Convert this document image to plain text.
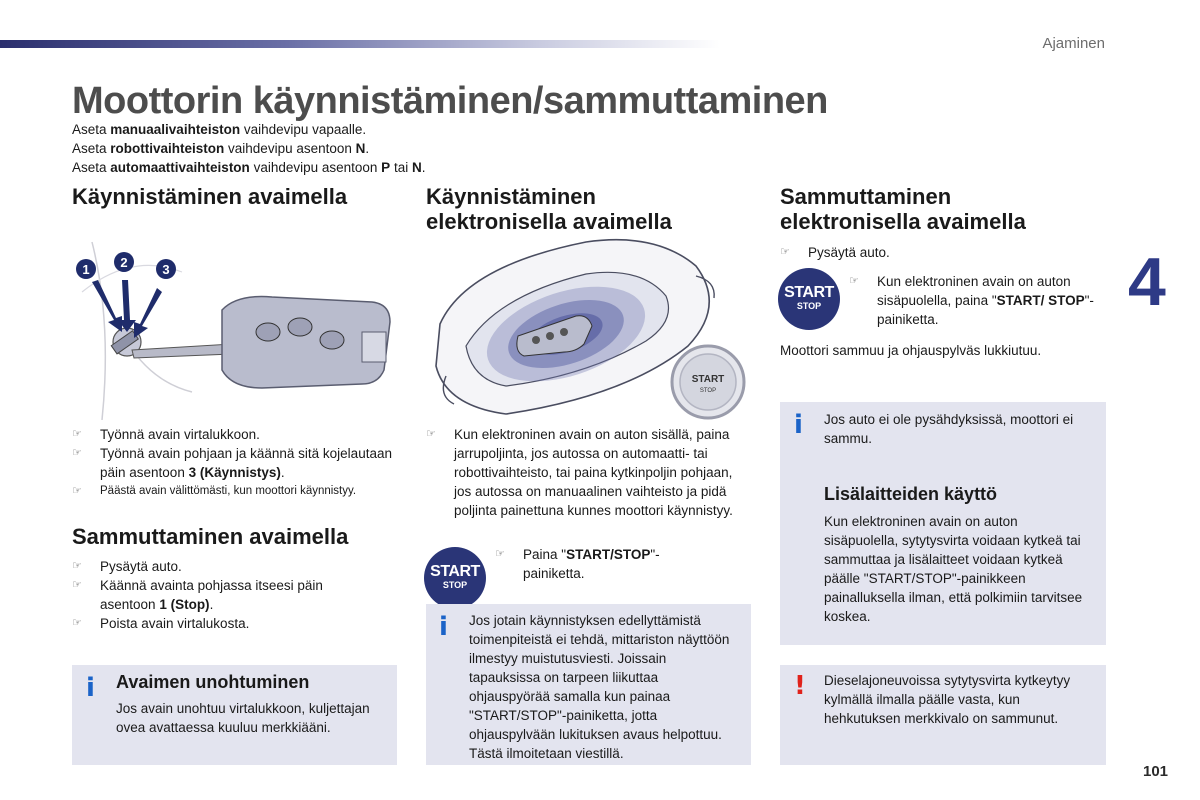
Ajaminen
4
101
Moottorin käynnistäminen/sammuttaminen

Aseta manuaalivaihteiston vaihdevipu vapaalle.

Aseta robottivaihteiston vaihdevipu asentoon N.

Aseta automaattivaihteiston vaihdevipu asentoon P tai N.

Käynnistäminen avaimella
1 2	3
☞ Työnnä avain virtalukkoon.
☞ Työnnä avain pohjaan ja käännä sitä kojelautaan päin asentoon 3 (Käynnistys).
☞ Päästä avain välittömästi, kun moottori käynnistyy.
Sammuttaminen avaimella
☞ Pysäytä auto.
☞ Käännä avainta pohjassa itseesi päin asentoon 1 (Stop).
☞ Poista avain virtalukosta.
i Avaimen unohtuminen
Jos avain unohtuu virtalukkoon, kuljettajan ovea avattaessa kuuluu merkkiääni.
Käynnistäminen
elektronisella avaimella
START
STOP
☞ Kun elektroninen avain on auton sisällä, paina jarrupoljinta, jos autossa on automaatti- tai robottivaihteisto, tai paina kytkinpoljin pohjaan, jos autossa on manuaalinen vaihteisto ja pidä poljinta painettuna kunnes moottori käynnistyy.
START
STOP
☞ Paina "START/STOP"-painiketta.
i Jos jotain käynnistyksen edellyttämistä toimenpiteistä ei tehdä, mittariston näyttöön ilmestyy muistutusviesti. Joissain tapauksissa on tarpeen liikuttaa ohjauspyörää samalla kun painaa "START/STOP"-painiketta, jotta ohjauspylvään lukituksen avaus helpottuu. Tästä ilmoitetaan viestillä.
Sammuttaminen
elektronisella avaimella
☞ Pysäytä auto.
START
STOP
☞ Kun elektroninen avain on auton sisäpuolella, paina "START/ STOP"-painiketta.
Moottori sammuu ja ohjauspylväs lukkiutuu.
i Jos auto ei ole pysähdyksissä, moottori ei sammu.
Lisälaitteiden käyttö
Kun elektroninen avain on auton sisäpuolella, sytytysvirta voidaan kytkeä tai sammuttaa ja lisälaitteet voidaan kytkeä päälle "START/STOP"-painikkeen painalluksella ilman, että polkimiin tarvitsee koskea.
! Dieselajoneuvoissa sytytysvirta kytkeytyy kylmällä ilmalla päälle vasta, kun hehkutuksen merkkivalo on sammunut.
